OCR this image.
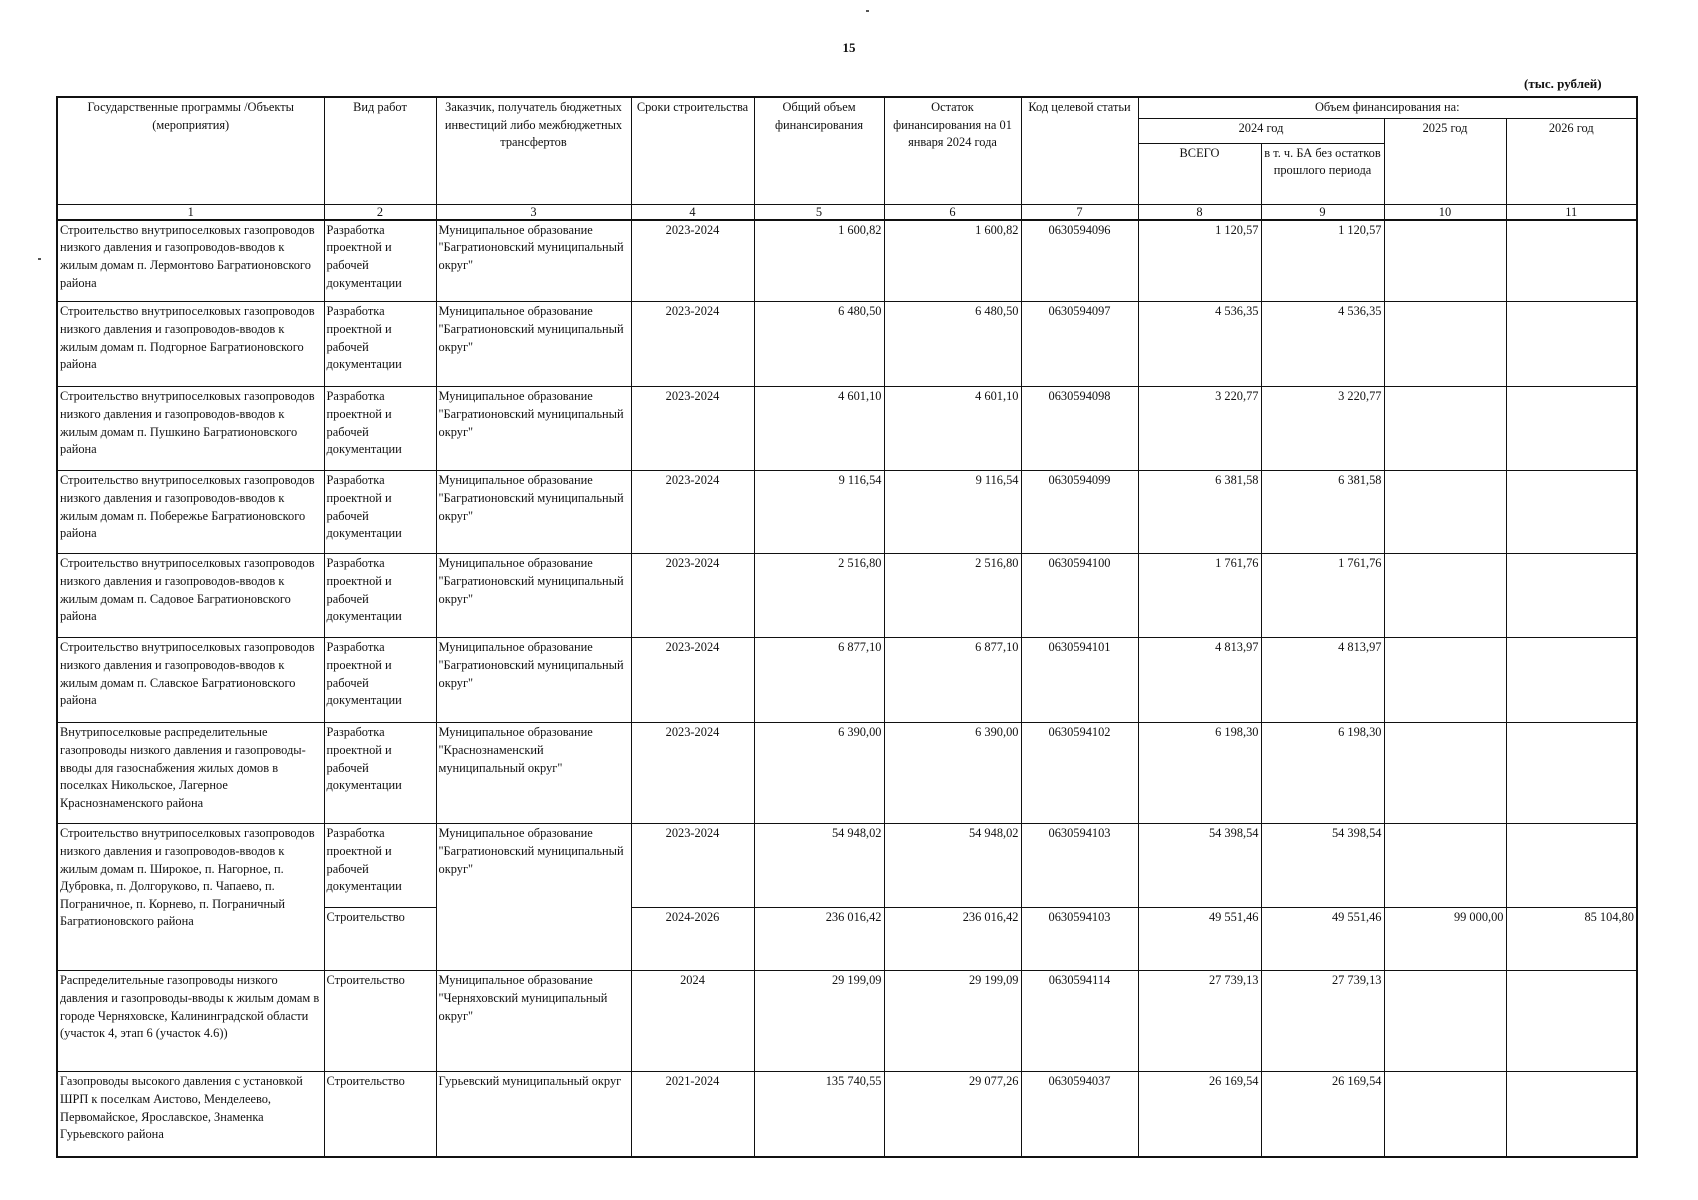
15
(тыс. рублей)
Государственные программы /Объекты (мероприятия)	Вид работ	Заказчик, получатель бюджетных инвестиций либо межбюджетных трансфертов	Сроки строительства	Общий объем финансирования	Остаток финансирования на 01 января 2024 года	Код целевой статьи	Объем финансирования на:			
							2024 год		2025 год	2026 год
							ВСЕГО	в т. ч. БА без остатков прошлого периода		
1	2	3	4	5	6	7	8	9	10	11
Строительство внутрипоселковых газопроводов низкого давления и газопроводов-вводов к жилым домам п. Лермонтово Багратионовского района	Разработка проектной и рабочей документации	Муниципальное образование "Багратионовский муниципальный округ"	2023-2024	1 600,82	1 600,82	0630594096	1 120,57	1 120,57		
Строительство внутрипоселковых газопроводов низкого давления и газопроводов-вводов к жилым домам п. Подгорное Багратионовского района	Разработка проектной и рабочей документации	Муниципальное образование "Багратионовский муниципальный округ"	2023-2024	6 480,50	6 480,50	0630594097	4 536,35	4 536,35		
Строительство внутрипоселковых газопроводов низкого давления и газопроводов-вводов к жилым домам п. Пушкино Багратионовского района	Разработка проектной и рабочей документации	Муниципальное образование "Багратионовский муниципальный округ"	2023-2024	4 601,10	4 601,10	0630594098	3 220,77	3 220,77		
Строительство внутрипоселковых газопроводов низкого давления и газопроводов-вводов к жилым домам п. Побережье Багратионовского района	Разработка проектной и рабочей документации	Муниципальное образование "Багратионовский муниципальный округ"	2023-2024	9 116,54	9 116,54	0630594099	6 381,58	6 381,58		
Строительство внутрипоселковых газопроводов низкого давления и газопроводов-вводов к жилым домам п. Садовое Багратионовского района	Разработка проектной и рабочей документации	Муниципальное образование "Багратионовский муниципальный округ"	2023-2024	2 516,80	2 516,80	0630594100	1 761,76	1 761,76		
Строительство внутрипоселковых газопроводов низкого давления и газопроводов-вводов к жилым домам п. Славское Багратионовского района	Разработка проектной и рабочей документации	Муниципальное образование "Багратионовский муниципальный округ"	2023-2024	6 877,10	6 877,10	0630594101	4 813,97	4 813,97		
Внутрипоселковые распределительные газопроводы низкого давления и газопроводы-вводы для газоснабжения жилых домов в поселках Никольское, Лагерное Краснознаменского района	Разработка проектной и рабочей документации	Муниципальное образование "Краснознаменский муниципальный округ"	2023-2024	6 390,00	6 390,00	0630594102	6 198,30	6 198,30		
Строительство внутрипоселковых газопроводов низкого давления и газопроводов-вводов к жилым домам п. Широкое, п. Нагорное, п. Дубровка, п. Долгоруково, п. Чапаево, п. Пограничное, п. Корнево, п. Пограничный Багратионовского района	Разработка проектной и рабочей документации	Муниципальное образование "Багратионовский муниципальный округ"	2023-2024	54 948,02	54 948,02	0630594103	54 398,54	54 398,54		
	Строительство		2024-2026	236 016,42	236 016,42	0630594103	49 551,46	49 551,46	99 000,00	85 104,80
Распределительные газопроводы низкого давления и газопроводы-вводы к жилым домам в городе Черняховске, Калининградской области (участок 4, этап 6 (участок 4.6))	Строительство	Муниципальное образование "Черняховский муниципальный округ"	2024	29 199,09	29 199,09	0630594114	27 739,13	27 739,13		
Газопроводы высокого давления с установкой ШРП к поселкам Аистово, Менделеево, Первомайское, Ярославское, Знаменка Гурьевского района	Строительство	Гурьевский муниципальный округ	2021-2024	135 740,55	29 077,26	0630594037	26 169,54	26 169,54		
